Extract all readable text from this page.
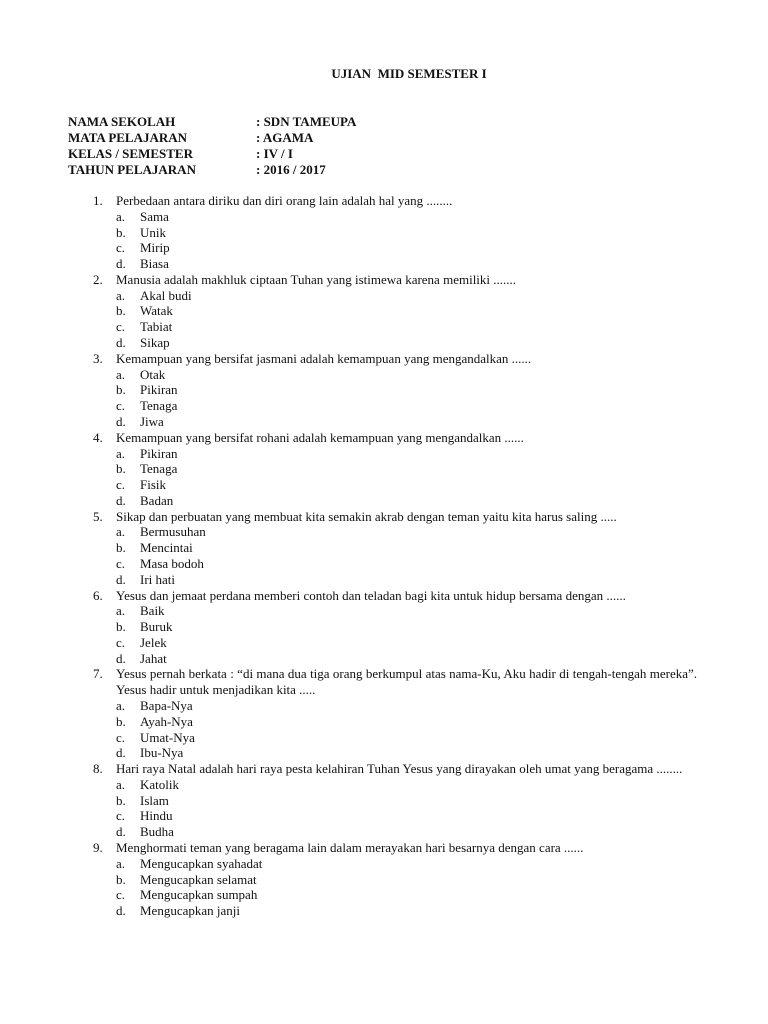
UJIAN  MID SEMESTER I
NAMA SEKOLAH	: SDN TAMEUPA
MATA PELAJARAN	: AGAMA
KELAS / SEMESTER	: IV / I
TAHUN PELAJARAN	: 2016 / 2017
1.	Perbedaan antara diriku dan diri orang lain adalah hal yang ........
a.	Sama
b.	Unik
c.	Mirip
d.	Biasa
2.	Manusia adalah makhluk ciptaan Tuhan yang istimewa karena memiliki .......
a.	Akal budi
b.	Watak
c.	Tabiat
d.	Sikap
3.	Kemampuan yang bersifat jasmani adalah kemampuan yang mengandalkan ......
a.	Otak
b.	Pikiran
c.	Tenaga
d.	Jiwa
4.	Kemampuan yang bersifat rohani adalah kemampuan yang mengandalkan ......
a.	Pikiran
b.	Tenaga
c.	Fisik
d.	Badan
5.	Sikap dan perbuatan yang membuat kita semakin akrab dengan teman yaitu kita harus saling .....
a.	Bermusuhan
b.	Mencintai
c.	Masa bodoh
d.	Iri hati
6.	Yesus dan jemaat perdana memberi contoh dan teladan bagi kita untuk hidup bersama dengan ......
a.	Baik
b.	Buruk
c.	Jelek
d.	Jahat
7.	Yesus pernah berkata : “di mana dua tiga orang berkumpul atas nama-Ku, Aku hadir di tengah-tengah mereka”. Yesus hadir untuk menjadikan kita .....
a.	Bapa-Nya
b.	Ayah-Nya
c.	Umat-Nya
d.	Ibu-Nya
8.	Hari raya Natal adalah hari raya pesta kelahiran Tuhan Yesus yang dirayakan oleh umat yang beragama ........
a.	Katolik
b.	Islam
c.	Hindu
d.	Budha
9.	Menghormati teman yang beragama lain dalam merayakan hari besarnya dengan cara ......
a.	Mengucapkan syahadat
b.	Mengucapkan selamat
c.	Mengucapkan sumpah
d.	Mengucapkan janji
